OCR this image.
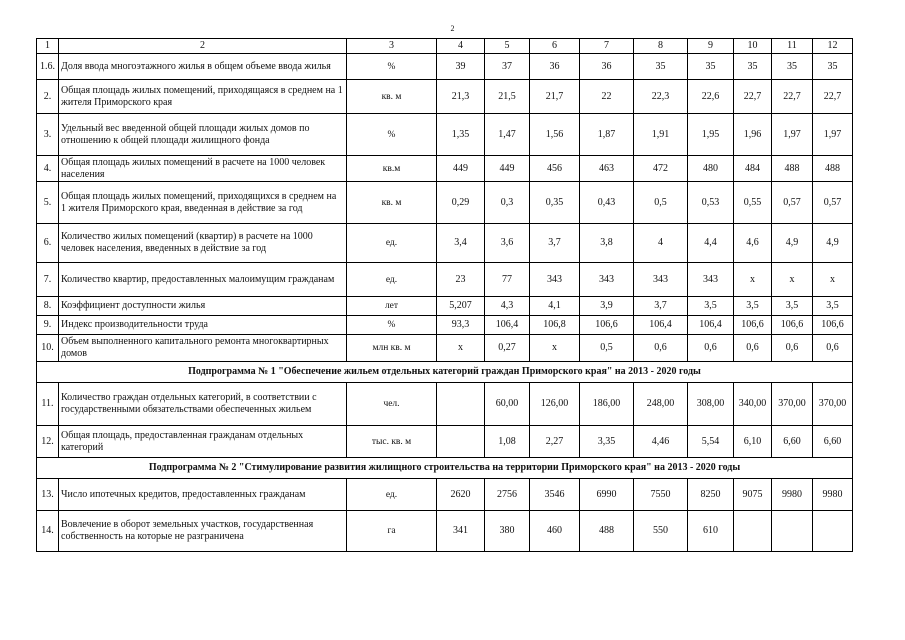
2
1	2	3	4	5	6	7	8	9	10	11	12
1.6.	Доля ввода многоэтажного жилья в общем объеме ввода жилья	%	39	37	36	36	35	35	35	35	35
2.	Общая площадь жилых помещений, приходящаяся в среднем на 1 жителя Приморского края	кв. м	21,3	21,5	21,7	22	22,3	22,6	22,7	22,7	22,7
3.	Удельный вес введенной общей площади жилых домов по отношению к общей площади жилищного фонда	%	1,35	1,47	1,56	1,87	1,91	1,95	1,96	1,97	1,97
4.	Общая площадь жилых помещений в расчете на 1000 человек населения	кв.м	449	449	456	463	472	480	484	488	488
5.	Общая площадь жилых помещений, приходящихся в среднем на 1 жителя Приморского края, введенная в действие за год	кв. м	0,29	0,3	0,35	0,43	0,5	0,53	0,55	0,57	0,57
6.	Количество жилых помещений (квартир) в расчете на 1000 человек населения, введенных в действие за год	ед.	3,4	3,6	3,7	3,8	4	4,4	4,6	4,9	4,9
7.	Количество квартир, предоставленных малоимущим гражданам	ед.	23	77	343	343	343	343	х	х	х
8.	Коэффициент доступности жилья	лет	5,207	4,3	4,1	3,9	3,7	3,5	3,5	3,5	3,5
9.	Индекс производительности труда	%	93,3	106,4	106,8	106,6	106,4	106,4	106,6	106,6	106,6
10.	Объем выполненного капитального ремонта многоквартирных домов	млн кв. м	х	0,27	х	0,5	0,6	0,6	0,6	0,6	0,6
Подпрограмма № 1 "Обеспечение жильем отдельных категорий граждан Приморского края" на 2013 - 2020 годы											
11.	Количество граждан отдельных категорий, в соответствии с государственными обязательствами обеспеченных жильем	чел.		60,00	126,00	186,00	248,00	308,00	340,00	370,00	370,00
12.	Общая площадь, предоставленная гражданам отдельных категорий	тыс. кв. м		1,08	2,27	3,35	4,46	5,54	6,10	6,60	6,60
Подпрограмма № 2 "Стимулирование развития жилищного строительства на территории Приморского края" на 2013 - 2020 годы											
13.	Число ипотечных кредитов, предоставленных гражданам	ед.	2620	2756	3546	6990	7550	8250	9075	9980	9980
14.	Вовлечение в оборот земельных участков, государственная собственность на которые не разграничена	га	341	380	460	488	550	610			
